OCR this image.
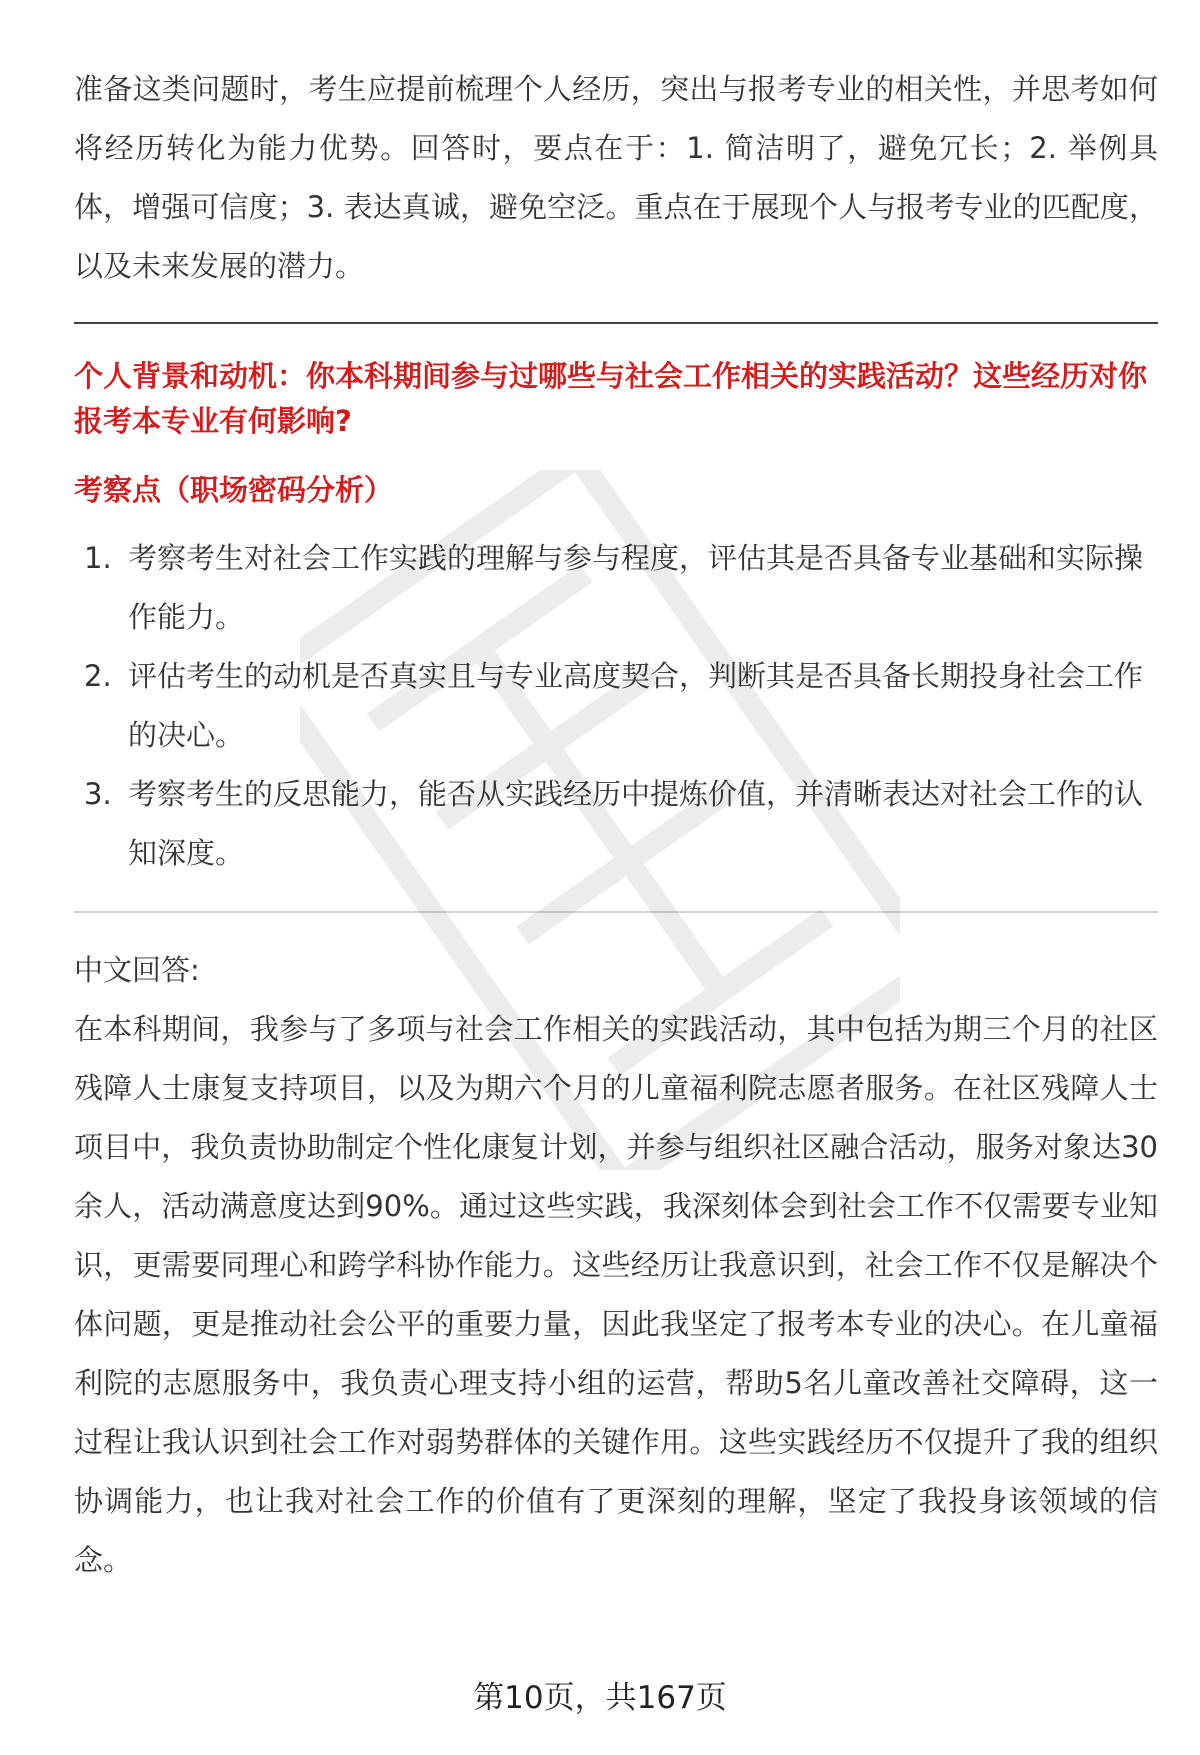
准备这类问题时，考生应提前梳理个人经历，突出与报考专业的相关性，并思考如何将经历转化为能力优势。回答时，要点在于：1. 简洁明了，避免冗长；2. 举例具体，增强可信度；3. 表达真诚，避免空泛。重点在于展现个人与报考专业的匹配度，以及未来发展的潜力。

个人背景和动机：你本科期间参与过哪些与社会工作相关的实践活动？这些经历对你报考本专业有何影响?

考察点（职场密码分析）

1. 考察考生对社会工作实践的理解与参与程度，评估其是否具备专业基础和实际操作能力。
2. 评估考生的动机是否真实且与专业高度契合，判断其是否具备长期投身社会工作的决心。
3. 考察考生的反思能力，能否从实践经历中提炼价值，并清晰表达对社会工作的认知深度。

中文回答:

在本科期间，我参与了多项与社会工作相关的实践活动，其中包括为期三个月的社区残障人士康复支持项目，以及为期六个月的儿童福利院志愿者服务。在社区残障人士项目中，我负责协助制定个性化康复计划，并参与组织社区融合活动，服务对象达30余人，活动满意度达到90%。通过这些实践，我深刻体会到社会工作不仅需要专业知识，更需要同理心和跨学科协作能力。这些经历让我意识到，社会工作不仅是解决个体问题，更是推动社会公平的重要力量，因此我坚定了报考本专业的决心。在儿童福利院的志愿服务中，我负责心理支持小组的运营，帮助5名儿童改善社交障碍，这一过程让我认识到社会工作对弱势群体的关键作用。这些实践经历不仅提升了我的组织协调能力，也让我对社会工作的价值有了更深刻的理解，坚定了我投身该领域的信念。

第10页，共167页
